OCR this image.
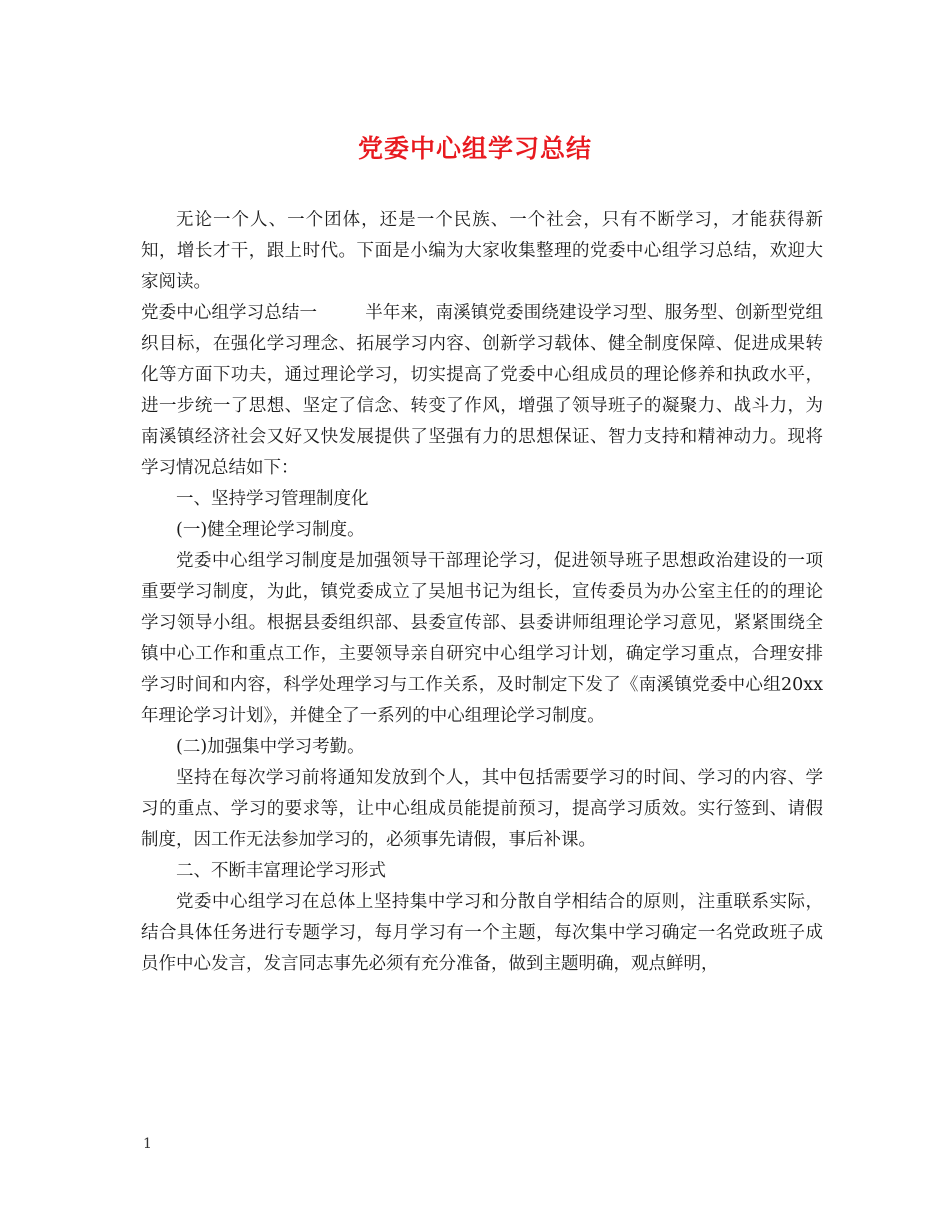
党委中心组学习总结

无论一个人、一个团体，还是一个民族、一个社会，只有不断学习，才能获得新知，增长才干，跟上时代。下面是小编为大家收集整理的党委中心组学习总结，欢迎大家阅读。

党委中心组学习总结一	半年来，南溪镇党委围绕建设学习型、服务型、创新型党组织目标，在强化学习理念、拓展学习内容、创新学习载体、健全制度保障、促进成果转化等方面下功夫，通过理论学习，切实提高了党委中心组成员的理论修养和执政水平，进一步统一了思想、坚定了信念、转变了作风，增强了领导班子的凝聚力、战斗力，为南溪镇经济社会又好又快发展提供了坚强有力的思想保证、智力支持和精神动力。现将学习情况总结如下：

一、坚持学习管理制度化

(一)健全理论学习制度。

党委中心组学习制度是加强领导干部理论学习，促进领导班子思想政治建设的一项重要学习制度，为此，镇党委成立了吴旭书记为组长，宣传委员为办公室主任的的理论学习领导小组。根据县委组织部、县委宣传部、县委讲师组理论学习意见，紧紧围绕全镇中心工作和重点工作，主要领导亲自研究中心组学习计划，确定学习重点，合理安排学习时间和内容，科学处理学习与工作关系，及时制定下发了《南溪镇党委中心组20xx年理论学习计划》，并健全了一系列的中心组理论学习制度。

(二)加强集中学习考勤。

坚持在每次学习前将通知发放到个人，其中包括需要学习的时间、学习的内容、学习的重点、学习的要求等，让中心组成员能提前预习，提高学习质效。实行签到、请假制度，因工作无法参加学习的，必须事先请假，事后补课。

二、不断丰富理论学习形式

党委中心组学习在总体上坚持集中学习和分散自学相结合的原则，注重联系实际，结合具体任务进行专题学习，每月学习有一个主题，每次集中学习确定一名党政班子成员作中心发言，发言同志事先必须有充分准备，做到主题明确，观点鲜明，

1
